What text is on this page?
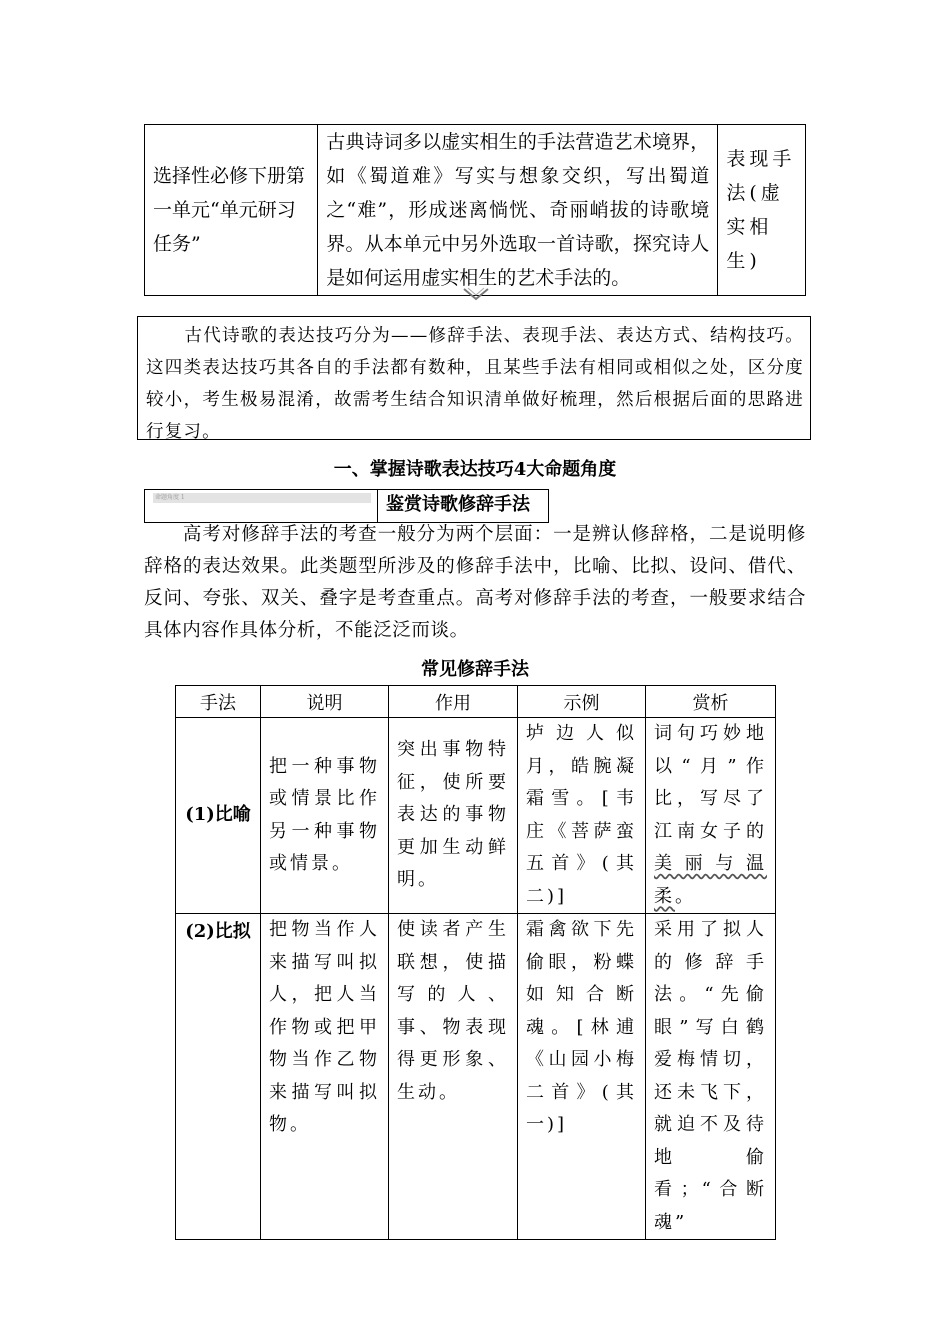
选择性必修下册第一单元“单元研习任务”	古典诗词多以虚实相生的手法营造艺术境界，如《蜀道难》写实与想象交织，写出蜀道之“难”，形成迷离惝恍、奇丽峭拔的诗歌境界。从本单元中另外选取一首诗歌，探究诗人是如何运用虚实相生的艺术手法的。	表现手法(虚实相生)

古代诗歌的表达技巧分为——修辞手法、表现手法、表达方式、结构技巧。这四类表达技巧其各自的手法都有数种，且某些手法有相同或相似之处，区分度较小，考生极易混淆，故需考生结合知识清单做好梳理，然后根据后面的思路进行复习。

一、掌握诗歌表达技巧4大命题角度
命题角度 1	鉴赏诗歌修辞手法

高考对修辞手法的考查一般分为两个层面：一是辨认修辞格，二是说明修辞格的表达效果。此类题型所涉及的修辞手法中，比喻、比拟、设问、借代、反问、夸张、双关、叠字是考查重点。高考对修辞手法的考查，一般要求结合具体内容作具体分析，不能泛泛而谈。

常见修辞手法
手法	说明	作用	示例	赏析
(1)比喻	把一种事物或情景比作另一种事物或情景。	突出事物特征，使所要表达的事物更加生动鲜明。	垆边人似月，皓腕凝霜雪。[韦庄《菩萨蛮五首》(其二)]	词句巧妙地以“月”作比，写尽了江南女子的美丽与温柔。
(2)比拟	把物当作人来描写叫拟人，把人当作物或把甲物当作乙物来描写叫拟物。	使读者产生联想，使描写的人、事、物表现得更形象、生动。	霜禽欲下先偷眼，粉蝶如知合断魂。[林逋《山园小梅二首》(其一)]	采用了拟人的修辞手法。“先偷眼”写白鹤爱梅情切，还未飞下，就迫不及待地偷看；“合断魂”
